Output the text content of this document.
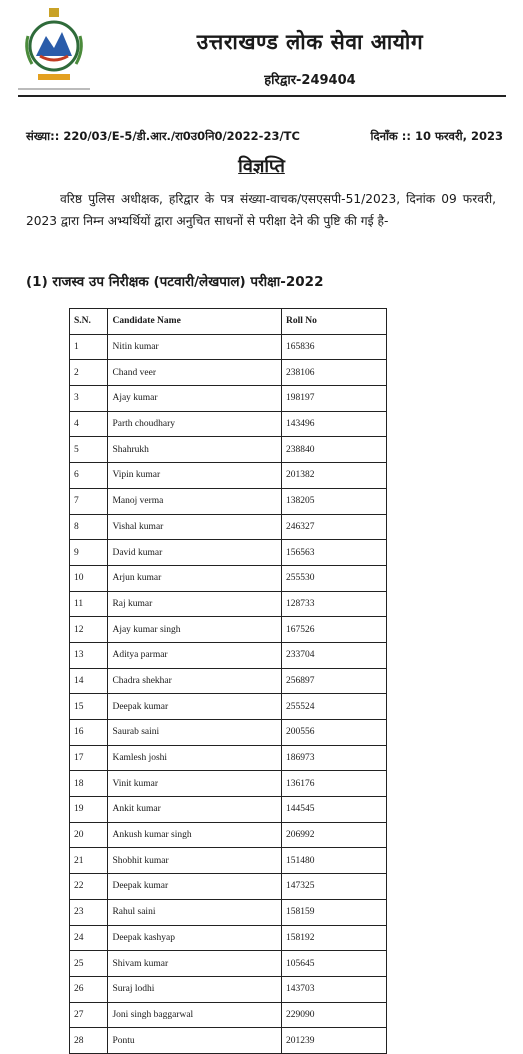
उत्तराखण्ड लोक सेवा आयोग
हरिद्वार-249404
संख्या:: 220/03/E-5/डी.आर./रा0उ0नि0/2022-23/TC	दिनाँक :: 10 फरवरी, 2023
विज्ञप्ति
वरिष्ठ पुलिस अधीक्षक, हरिद्वार के पत्र संख्या-वाचक/एसएसपी-51/2023, दिनांक 09 फरवरी, 2023 द्वारा निम्न अभ्यर्थियों द्वारा अनुचित साधनों से परीक्षा देने की पुष्टि की गई है-
(1) राजस्व उप निरीक्षक (पटवारी/लेखपाल) परीक्षा-2022
S.N.	Candidate Name	Roll No
1	Nitin kumar	165836
2	Chand veer	238106
3	Ajay kumar	198197
4	Parth choudhary	143496
5	Shahrukh	238840
6	Vipin kumar	201382
7	Manoj verma	138205
8	Vishal kumar	246327
9	David kumar	156563
10	Arjun kumar	255530
11	Raj kumar	128733
12	Ajay kumar singh	167526
13	Aditya parmar	233704
14	Chadra shekhar	256897
15	Deepak kumar	255524
16	Saurab saini	200556
17	Kamlesh joshi	186973
18	Vinit kumar	136176
19	Ankit kumar	144545
20	Ankush kumar singh	206992
21	Shobhit kumar	151480
22	Deepak kumar	147325
23	Rahul saini	158159
24	Deepak kashyap	158192
25	Shivam kumar	105645
26	Suraj lodhi	143703
27	Joni singh baggarwal	229090
28	Pontu	201239
